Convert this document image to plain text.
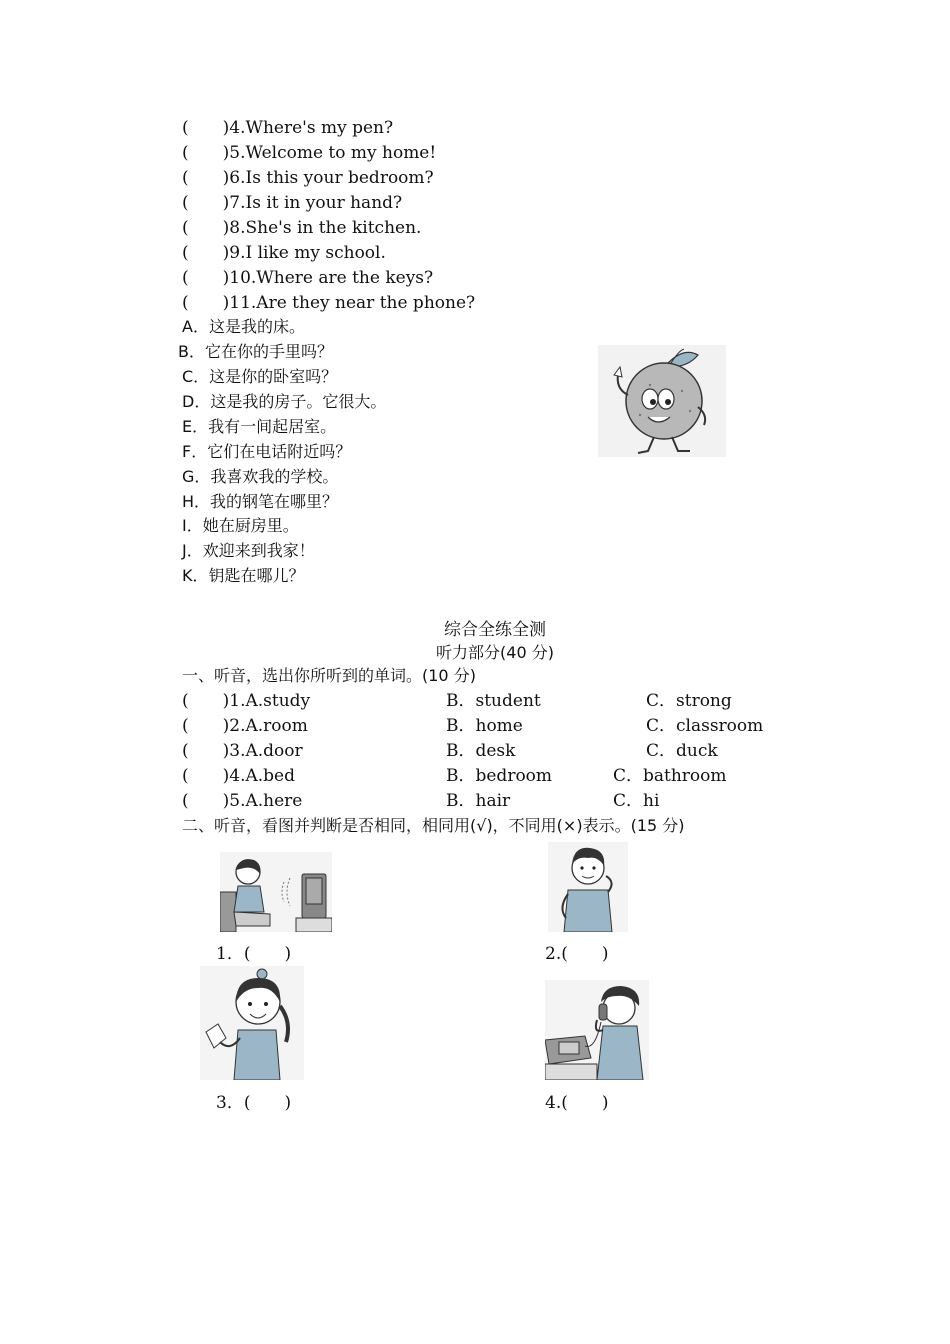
(　　)4.Where's my pen?
(　　)5.Welcome to my home!
(　　)6.Is this your bedroom?
(　　)7.Is it in your hand?
(　　)8.She's in the kitchen.
(　　)9.I like my school.
(　　)10.Where are the keys?
(　　)11.Are they near the phone?
A．这是我的床。
B．它在你的手里吗？
C．这是你的卧室吗？
D．这是我的房子。它很大。
E．我有一间起居室。
F．它们在电话附近吗？
G．我喜欢我的学校。
H．我的钢笔在哪里？
I．她在厨房里。
J．欢迎来到我家！
K．钥匙在哪儿？
综合全练全测
听力部分(40 分)
一、听音，选出你所听到的单词。(10 分)
(　　)1.A.study	B．student	C．strong
(　　)2.A.room	B．home	C．classroom
(　　)3.A.door	B．desk	C．duck
(　　)4.A.bed	B．bedroom	C．bathroom
(　　)5.A.here	B．hair	C．hi
二、听音，看图并判断是否相同，相同用(√)，不同用(×)表示。(15 分)
1．(　　)	2.(　　)
3．(　　)	4.(　　)
